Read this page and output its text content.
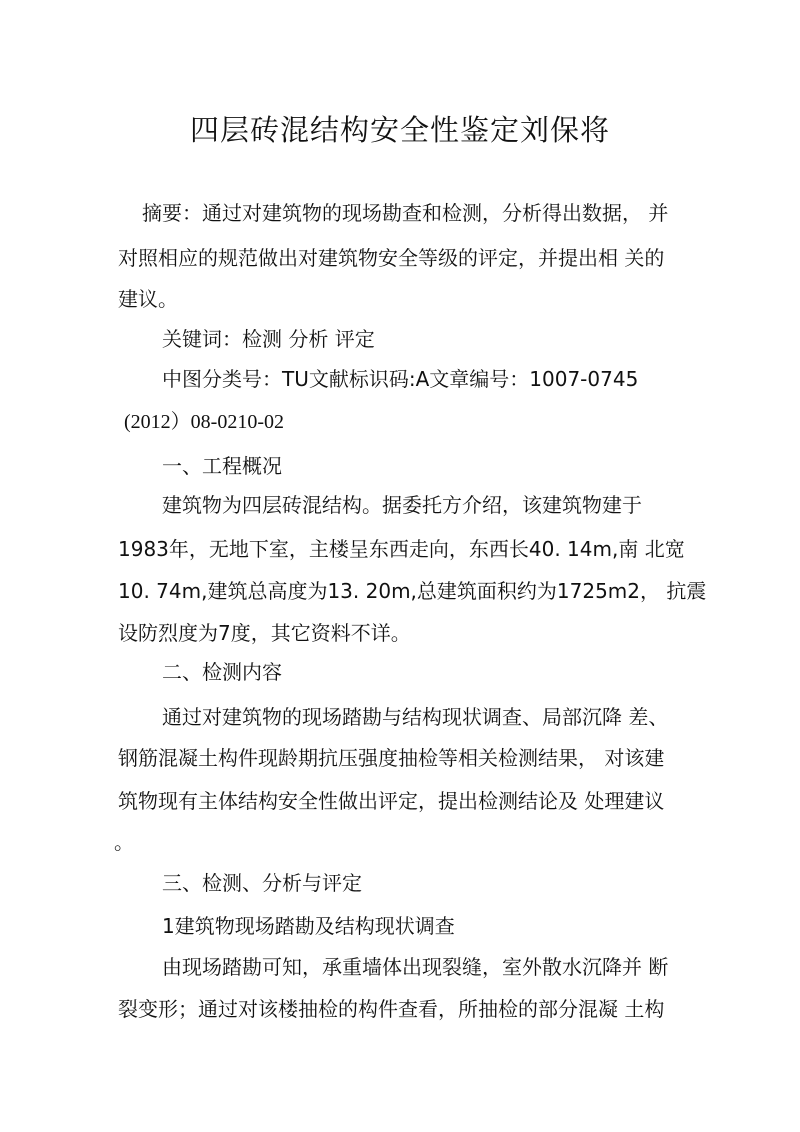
四层砖混结构安全性鉴定刘保将

摘要：通过对建筑物的现场勘查和检测，分析得出数据， 并

对照相应的规范做出对建筑物安全等级的评定，并提出相 关的

建议。

关键词：检测 分析 评定

中图分类号：TU文献标识码:A文章编号：1007-0745

(2012）08-0210-02

一、工程概况

建筑物为四层砖混结构。据委托方介绍，该建筑物建于

1983年，无地下室，主楼呈东西走向，东西长40. 14m,南 北宽

10. 74m,建筑总高度为13. 20m,总建筑面积约为1725m2， 抗震

设防烈度为7度，其它资料不详。

二、检测内容

通过对建筑物的现场踏勘与结构现状调查、局部沉降 差、

钢筋混凝土构件现龄期抗压强度抽检等相关检测结果， 对该建

筑物现有主体结构安全性做出评定，提出检测结论及 处理建议

。

三、检测、分析与评定

1建筑物现场踏勘及结构现状调查

由现场踏勘可知，承重墙体出现裂缝，室外散水沉降并 断

裂变形；通过对该楼抽检的构件查看，所抽检的部分混凝 土构
